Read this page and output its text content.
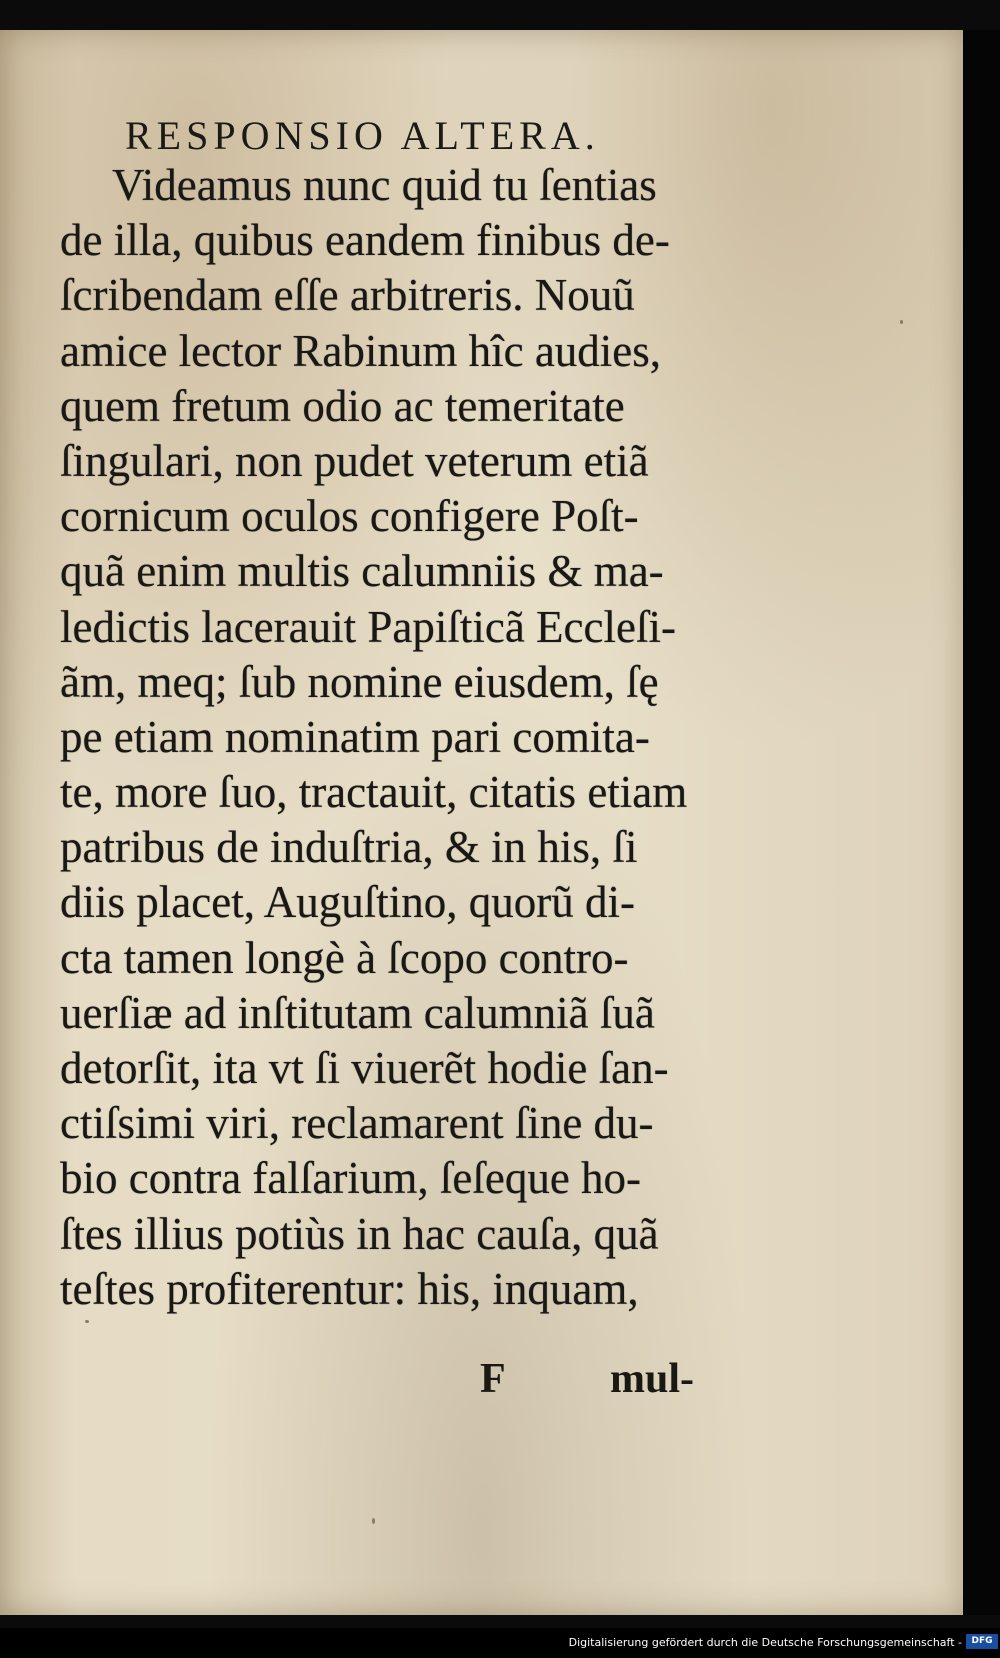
RESPONSIO ALTERA.
Videamus nunc quid tu ſentias
de illa, quibus eandem finibus de-
ſcribendam eſſe arbitreris. Nouũ
amice lector Rabinum hîc audies,
quem fretum odio ac temeritate
ſingulari, non pudet veterum etiã
cornicum oculos configere Poſt-
quã enim multis calumniis & ma-
ledictis lacerauit Papiſticã Eccleſi-
ãm, meq; ſub nomine eiusdem, ſę
pe etiam nominatim pari comita-
te, more ſuo, tractauit, citatis etiam
patribus de induſtria, & in his, ſi
diis placet, Auguſtino, quorũ di-
cta tamen longè à ſcopo contro-
uerſiæ ad inſtitutam calumniã ſuã
detorſit, ita vt ſi viuerẽt hodie ſan-
ctiſsimi viri, reclamarent ſine du-
bio contra falſarium, ſeſeque ho-
ſtes illius potiùs in hac cauſa, quã
teſtes profiterentur: his, inquam,
F mul-
Digitalisierung gefördert durch die Deutsche Forschungsgemeinschaft -	DFG
